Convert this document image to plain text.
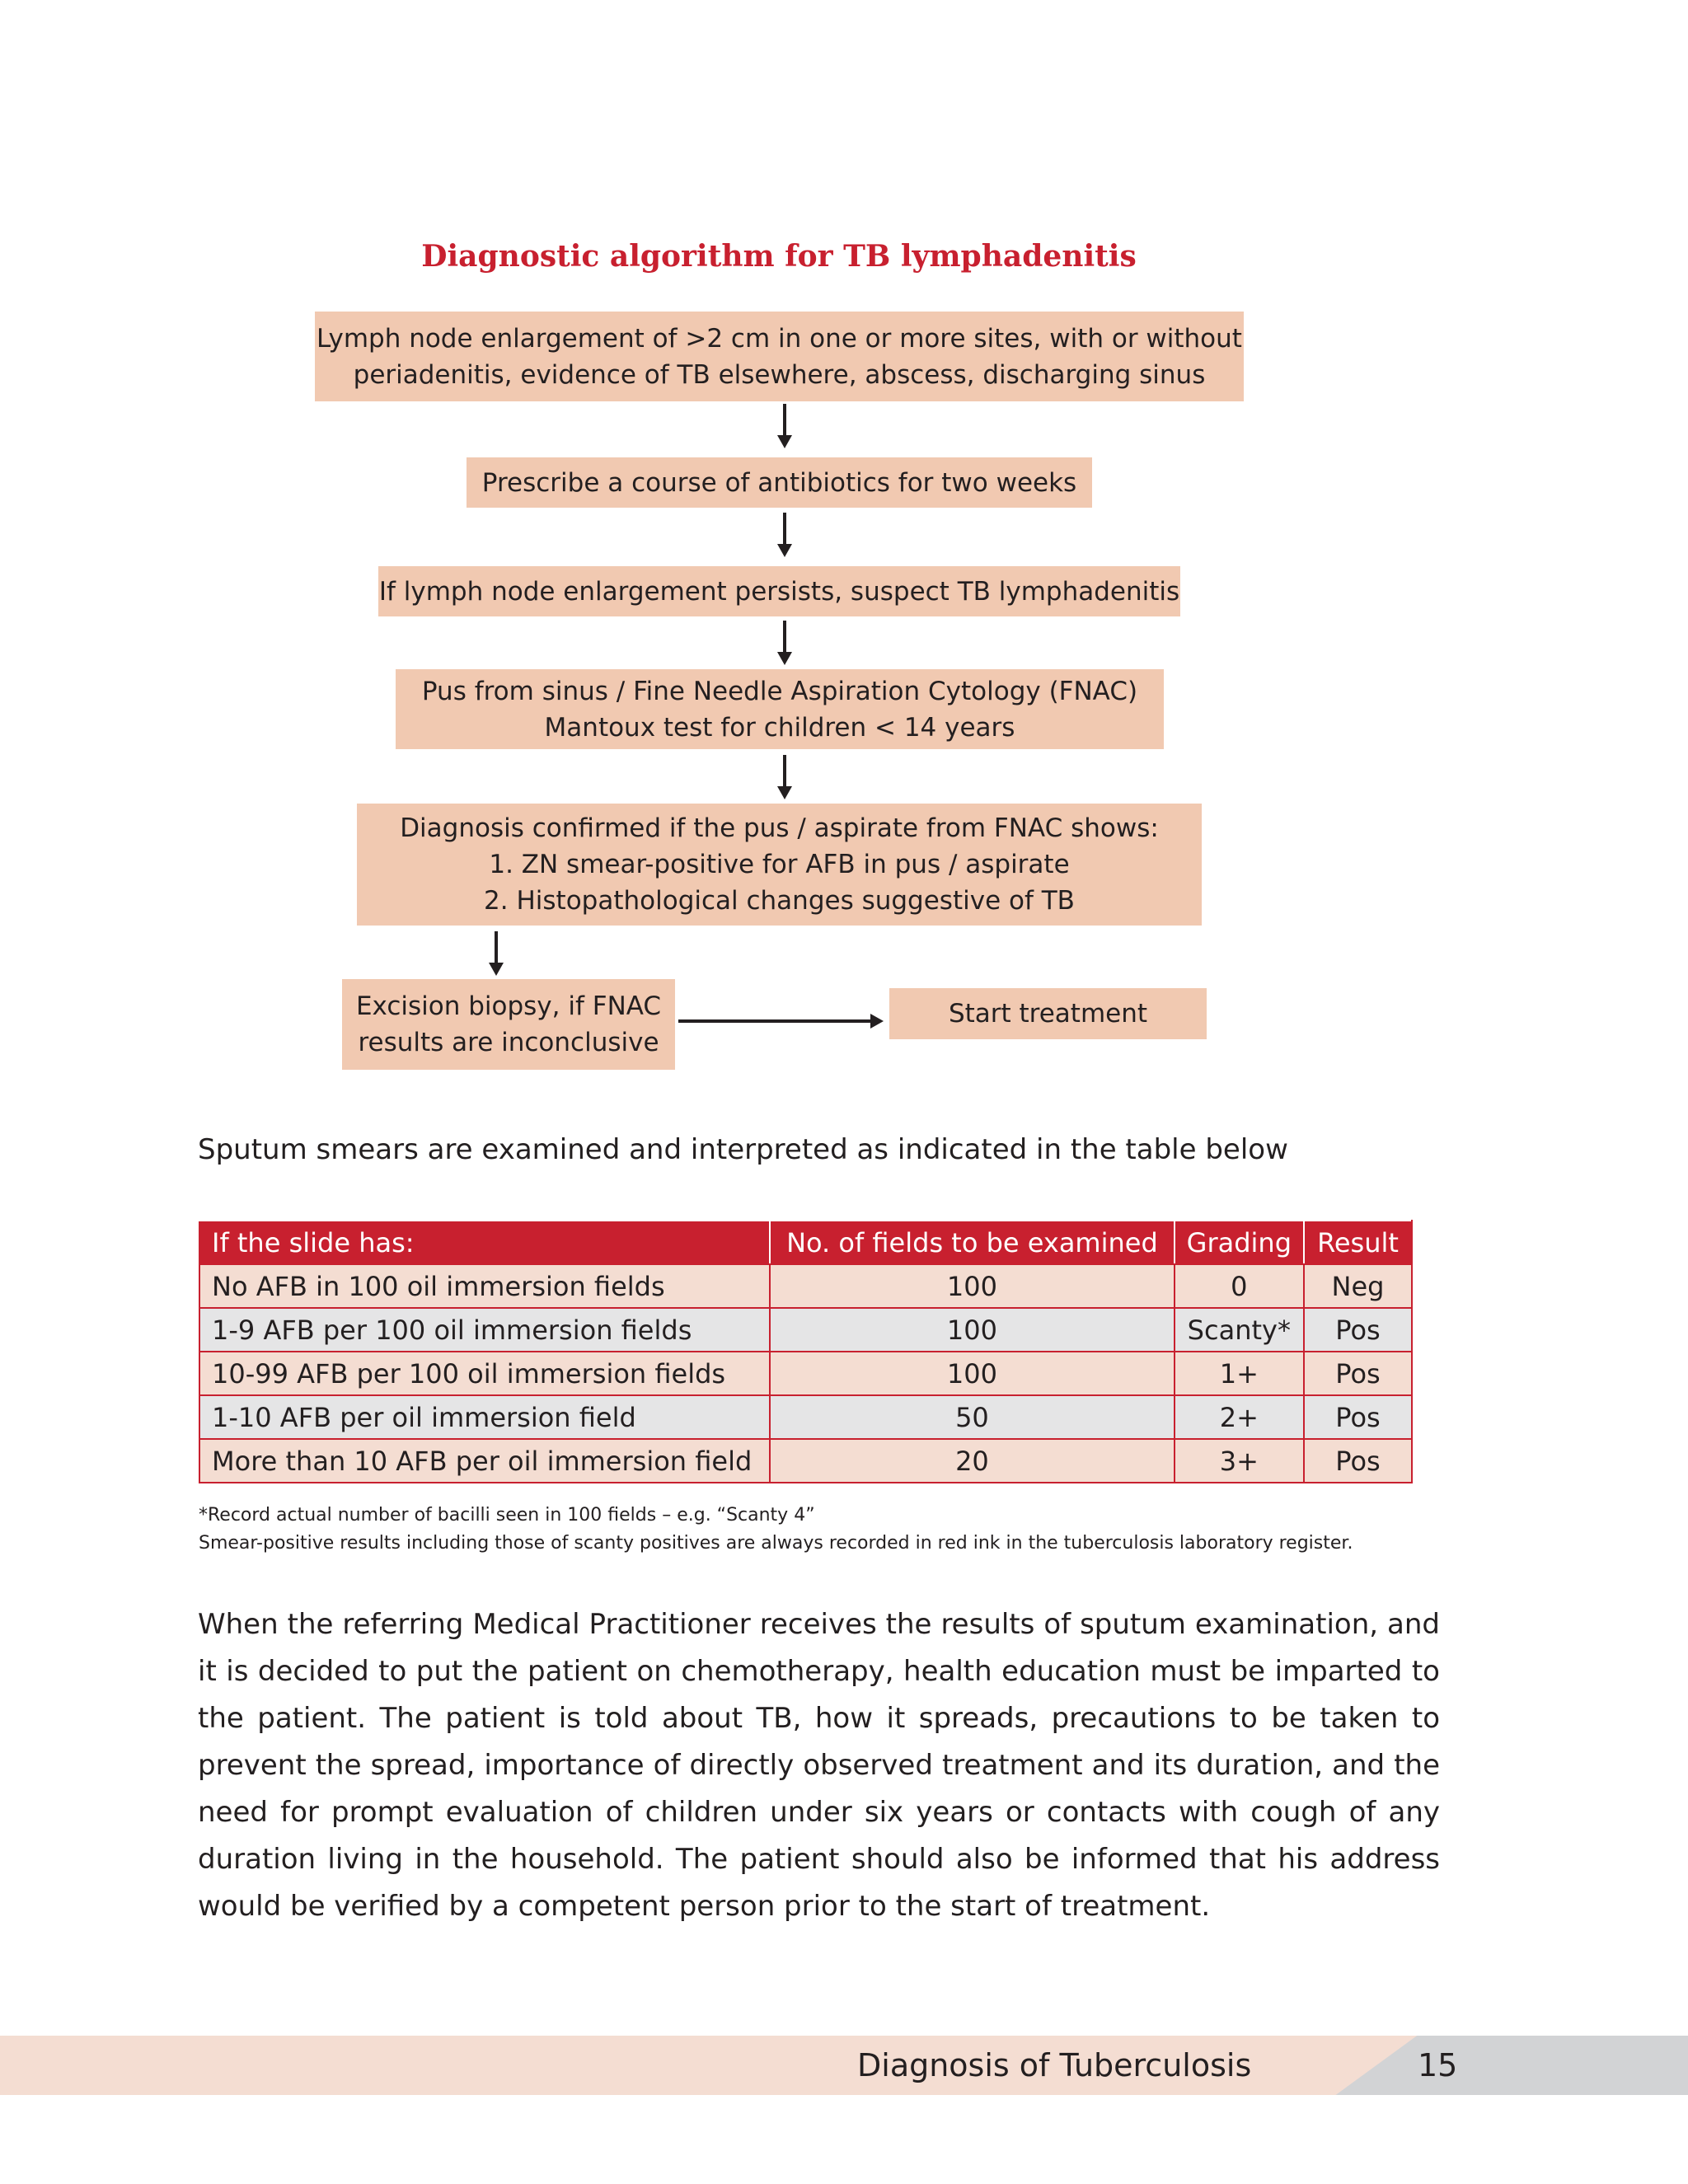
Diagnostic algorithm for TB lymphadenitis
Lymph node enlargement of >2 cm in one or more sites, with or without
periadenitis, evidence of TB elsewhere, abscess, discharging sinus
Prescribe a course of antibiotics for two weeks
If lymph node enlargement persists, suspect TB lymphadenitis
Pus from sinus / Fine Needle Aspiration Cytology (FNAC)
Mantoux test for children < 14 years
Diagnosis confirmed if the pus / aspirate from FNAC shows:
1. ZN smear-positive for AFB in pus / aspirate
2. Histopathological changes suggestive of TB
Excision biopsy, if FNAC
results are inconclusive
Start treatment
Sputum smears are examined and interpreted as indicated in the table below
If the slide has:	No. of fields to be examined	Grading	Result
No AFB in 100 oil immersion fields	100	0	Neg
1-9 AFB per 100 oil immersion fields	100	Scanty*	Pos
10-99 AFB per 100 oil immersion fields	100	1+	Pos
1-10 AFB per oil immersion field	50	2+	Pos
More than 10 AFB per oil immersion field	20	3+	Pos
*Record actual number of bacilli seen in 100 fields – e.g. “Scanty 4”
Smear-positive results including those of scanty positives are always recorded in red ink in the tuberculosis laboratory register.
When the referring Medical Practitioner receives the results of sputum examination, and it is decided to put the patient on chemotherapy, health education must be imparted to the patient. The patient is told about TB, how it spreads, precautions to be taken to prevent the spread, importance of directly observed treatment and its duration, and the need for prompt evaluation of children under six years or contacts with cough of any duration living in the household. The patient should also be informed that his address would be verified by a competent person prior to the start of treatment.
Diagnosis of Tuberculosis	15
